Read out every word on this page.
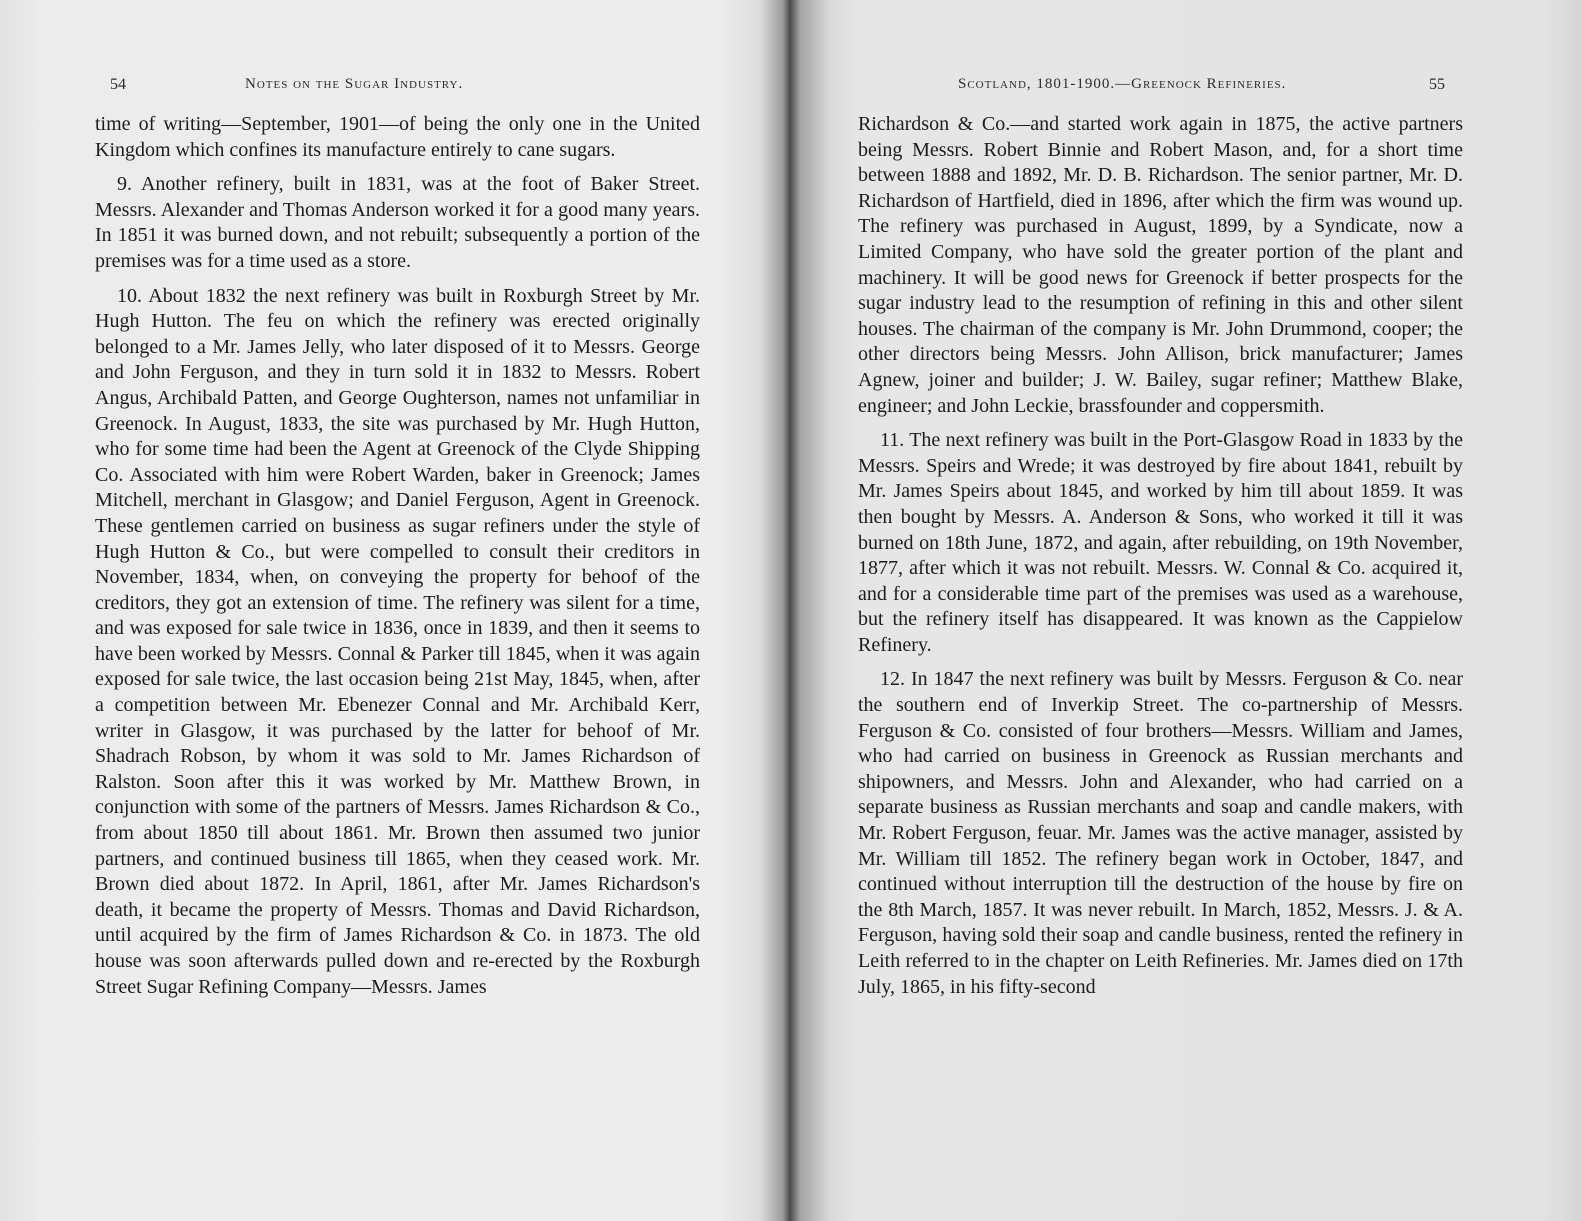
54	Notes on the Sugar Industry.

time of writing—September, 1901—of being the only one in the United Kingdom which confines its manufacture entirely to cane sugars.

9. Another refinery, built in 1831, was at the foot of Baker Street. Messrs. Alexander and Thomas Anderson worked it for a good many years. In 1851 it was burned down, and not rebuilt; subsequently a portion of the premises was for a time used as a store.

10. About 1832 the next refinery was built in Roxburgh Street by Mr. Hugh Hutton. The feu on which the refinery was erected originally belonged to a Mr. James Jelly, who later disposed of it to Messrs. George and John Ferguson, and they in turn sold it in 1832 to Messrs. Robert Angus, Archibald Patten, and George Oughterson, names not unfamiliar in Greenock. In August, 1833, the site was purchased by Mr. Hugh Hutton, who for some time had been the Agent at Greenock of the Clyde Shipping Co. Associated with him were Robert Warden, baker in Greenock; James Mitchell, merchant in Glasgow; and Daniel Ferguson, Agent in Greenock. These gentlemen carried on business as sugar refiners under the style of Hugh Hutton & Co., but were compelled to consult their creditors in November, 1834, when, on conveying the property for behoof of the creditors, they got an extension of time. The refinery was silent for a time, and was exposed for sale twice in 1836, once in 1839, and then it seems to have been worked by Messrs. Connal & Parker till 1845, when it was again exposed for sale twice, the last occasion being 21st May, 1845, when, after a competition between Mr. Ebenezer Connal and Mr. Archibald Kerr, writer in Glasgow, it was purchased by the latter for behoof of Mr. Shadrach Robson, by whom it was sold to Mr. James Richardson of Ralston. Soon after this it was worked by Mr. Matthew Brown, in conjunction with some of the partners of Messrs. James Richardson & Co., from about 1850 till about 1861. Mr. Brown then assumed two junior partners, and continued business till 1865, when they ceased work. Mr. Brown died about 1872. In April, 1861, after Mr. James Richardson's death, it became the property of Messrs. Thomas and David Richardson, until acquired by the firm of James Richardson & Co. in 1873. The old house was soon afterwards pulled down and re-erected by the Roxburgh Street Sugar Refining Company—Messrs. James

Scotland, 1801-1900.—Greenock Refineries.	55

Richardson & Co.—and started work again in 1875, the active partners being Messrs. Robert Binnie and Robert Mason, and, for a short time between 1888 and 1892, Mr. D. B. Richardson. The senior partner, Mr. D. Richardson of Hartfield, died in 1896, after which the firm was wound up. The refinery was purchased in August, 1899, by a Syndicate, now a Limited Company, who have sold the greater portion of the plant and machinery. It will be good news for Greenock if better prospects for the sugar industry lead to the resumption of refining in this and other silent houses. The chairman of the company is Mr. John Drummond, cooper; the other directors being Messrs. John Allison, brick manufacturer; James Agnew, joiner and builder; J. W. Bailey, sugar refiner; Matthew Blake, engineer; and John Leckie, brassfounder and coppersmith.

11. The next refinery was built in the Port-Glasgow Road in 1833 by the Messrs. Speirs and Wrede; it was destroyed by fire about 1841, rebuilt by Mr. James Speirs about 1845, and worked by him till about 1859. It was then bought by Messrs. A. Anderson & Sons, who worked it till it was burned on 18th June, 1872, and again, after rebuilding, on 19th November, 1877, after which it was not rebuilt. Messrs. W. Connal & Co. acquired it, and for a considerable time part of the premises was used as a warehouse, but the refinery itself has disappeared. It was known as the Cappielow Refinery.

12. In 1847 the next refinery was built by Messrs. Ferguson & Co. near the southern end of Inverkip Street. The co-partnership of Messrs. Ferguson & Co. consisted of four brothers—Messrs. William and James, who had carried on business in Greenock as Russian merchants and shipowners, and Messrs. John and Alexander, who had carried on a separate business as Russian merchants and soap and candle makers, with Mr. Robert Ferguson, feuar. Mr. James was the active manager, assisted by Mr. William till 1852. The refinery began work in October, 1847, and continued without interruption till the destruction of the house by fire on the 8th March, 1857. It was never rebuilt. In March, 1852, Messrs. J. & A. Ferguson, having sold their soap and candle business, rented the refinery in Leith referred to in the chapter on Leith Refineries. Mr. James died on 17th July, 1865, in his fifty-second
